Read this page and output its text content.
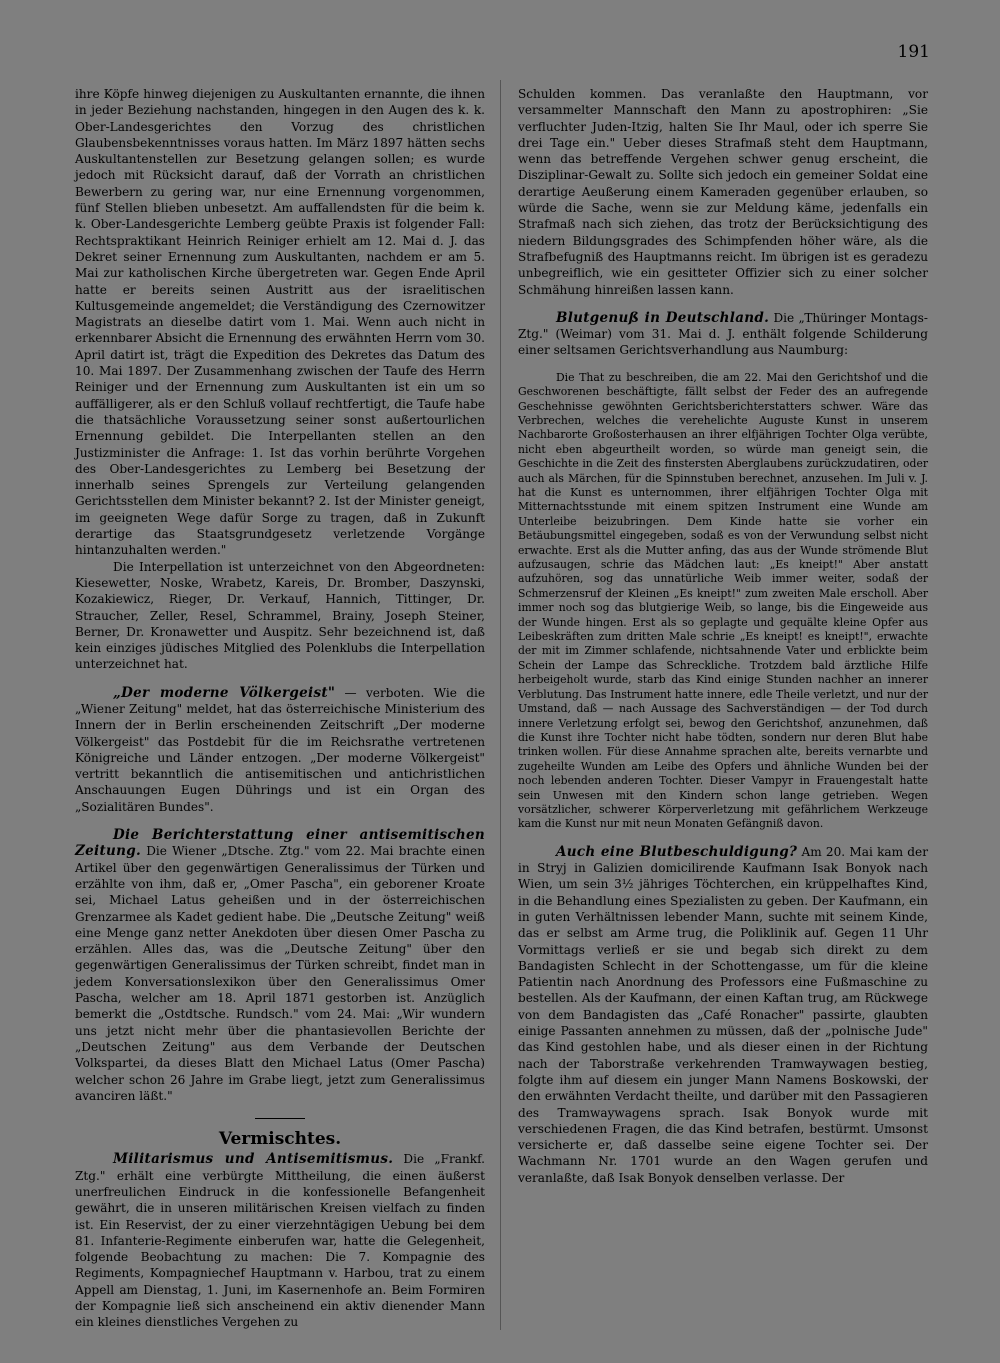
191

ihre Köpfe hinweg diejenigen zu Auskultanten ernannte, die ihnen in jeder Beziehung nachstanden, hingegen in den Augen des k. k. Ober-Landesgerichtes den Vorzug des christlichen Glaubensbekenntnisses voraus hatten. Im März 1897 hätten sechs Auskultantenstellen zur Besetzung gelangen sollen; es wurde jedoch mit Rücksicht darauf, daß der Vorrath an christlichen Bewerbern zu gering war, nur eine Ernennung vorgenommen, fünf Stellen blieben unbesetzt. Am auffallendsten für die beim k. k. Ober-Landesgerichte Lemberg geübte Praxis ist folgender Fall: Rechtspraktikant Heinrich Reiniger erhielt am 12. Mai d. J. das Dekret seiner Ernennung zum Auskultanten, nachdem er am 5. Mai zur katholischen Kirche übergetreten war. Gegen Ende April hatte er bereits seinen Austritt aus der israelitischen Kultusgemeinde angemeldet; die Verständigung des Czernowitzer Magistrats an dieselbe datirt vom 1. Mai. Wenn auch nicht in erkennbarer Absicht die Ernennung des erwähnten Herrn vom 30. April datirt ist, trägt die Expedition des Dekretes das Datum des 10. Mai 1897. Der Zusammenhang zwischen der Taufe des Herrn Reiniger und der Ernennung zum Auskultanten ist ein um so auffälligerer, als er den Schluß vollauf rechtfertigt, die Taufe habe die thatsächliche Voraussetzung seiner sonst außertourlichen Ernennung gebildet. Die Interpellanten stellen an den Justizminister die Anfrage: 1. Ist das vorhin berührte Vorgehen des Ober-Landesgerichtes zu Lemberg bei Besetzung der innerhalb seines Sprengels zur Verteilung gelangenden Gerichtsstellen dem Minister bekannt? 2. Ist der Minister geneigt, im geeigneten Wege dafür Sorge zu tragen, daß in Zukunft derartige das Staatsgrundgesetz verletzende Vorgänge hintanzuhalten werden."

Die Interpellation ist unterzeichnet von den Abgeordneten: Kiesewetter, Noske, Wrabetz, Kareis, Dr. Bromber, Daszynski, Kozakiewicz, Rieger, Dr. Verkauf, Hannich, Tittinger, Dr. Straucher, Zeller, Resel, Schrammel, Brainy, Joseph Steiner, Berner, Dr. Kronawetter und Auspitz. Sehr bezeichnend ist, daß kein einziges jüdisches Mitglied des Polenklubs die Interpellation unterzeichnet hat.

„Der moderne Völkergeist" — verboten. Wie die „Wiener Zeitung" meldet, hat das österreichische Ministerium des Innern der in Berlin erscheinenden Zeitschrift „Der moderne Völkergeist" das Postdebit für die im Reichsrathe vertretenen Königreiche und Länder entzogen. „Der moderne Völkergeist" vertritt bekanntlich die antisemitischen und antichristlichen Anschauungen Eugen Dührings und ist ein Organ des „Sozialitären Bundes".

Die Berichterstattung einer antisemitischen Zeitung. Die Wiener „Dtsche. Ztg." vom 22. Mai brachte einen Artikel über den gegenwärtigen Generalissimus der Türken und erzählte von ihm, daß er, „Omer Pascha", ein geborener Kroate sei, Michael Latus geheißen und in der österreichischen Grenzarmee als Kadet gedient habe. Die „Deutsche Zeitung" weiß eine Menge ganz netter Anekdoten über diesen Omer Pascha zu erzählen. Alles das, was die „Deutsche Zeitung" über den gegenwärtigen Generalissimus der Türken schreibt, findet man in jedem Konversationslexikon über den Generalissimus Omer Pascha, welcher am 18. April 1871 gestorben ist. Anzüglich bemerkt die „Ostdtsche. Rundsch." vom 24. Mai: „Wir wundern uns jetzt nicht mehr über die phantasievollen Berichte der „Deutschen Zeitung" aus dem Verbande der Deutschen Volkspartei, da dieses Blatt den Michael Latus (Omer Pascha) welcher schon 26 Jahre im Grabe liegt, jetzt zum Generalissimus avanciren läßt."

Vermischtes.

Militarismus und Antisemitismus. Die „Frankf. Ztg." erhält eine verbürgte Mittheilung, die einen äußerst unerfreulichen Eindruck in die konfessionelle Befangenheit gewährt, die in unseren militärischen Kreisen vielfach zu finden ist. Ein Reservist, der zu einer vierzehntägigen Uebung bei dem 81. Infanterie-Regimente einberufen war, hatte die Gelegenheit, folgende Beobachtung zu machen: Die 7. Kompagnie des Regiments, Kompagniechef Hauptmann v. Harbou, trat zu einem Appell am Dienstag, 1. Juni, im Kasernenhofe an. Beim Formiren der Kompagnie ließ sich anscheinend ein aktiv dienender Mann ein kleines dienstliches Vergehen zu

Schulden kommen. Das veranlaßte den Hauptmann, vor versammelter Mannschaft den Mann zu apostrophiren: „Sie verfluchter Juden-Itzig, halten Sie Ihr Maul, oder ich sperre Sie drei Tage ein." Ueber dieses Strafmaß steht dem Hauptmann, wenn das betreffende Vergehen schwer genug erscheint, die Disziplinar-Gewalt zu. Sollte sich jedoch ein gemeiner Soldat eine derartige Aeußerung einem Kameraden gegenüber erlauben, so würde die Sache, wenn sie zur Meldung käme, jedenfalls ein Strafmaß nach sich ziehen, das trotz der Berücksichtigung des niedern Bildungsgrades des Schimpfenden höher wäre, als die Strafbefugniß des Hauptmanns reicht. Im übrigen ist es geradezu unbegreiflich, wie ein gesitteter Offizier sich zu einer solcher Schmähung hinreißen lassen kann.

Blutgenuß in Deutschland. Die „Thüringer Montags-Ztg." (Weimar) vom 31. Mai d. J. enthält folgende Schilderung einer seltsamen Gerichtsverhandlung aus Naumburg:

Die That zu beschreiben, die am 22. Mai den Gerichtshof und die Geschworenen beschäftigte, fällt selbst der Feder des an aufregende Geschehnisse gewöhnten Gerichtsberichterstatters schwer. Wäre das Verbrechen, welches die verehelichte Auguste Kunst in unserem Nachbarorte Großosterhausen an ihrer elfjährigen Tochter Olga verübte, nicht eben abgeurtheilt worden, so würde man geneigt sein, die Geschichte in die Zeit des finstersten Aberglaubens zurückzudatiren, oder auch als Märchen, für die Spinnstuben berechnet, anzusehen. Im Juli v. J. hat die Kunst es unternommen, ihrer elfjährigen Tochter Olga mit Mitternachtsstunde mit einem spitzen Instrument eine Wunde am Unterleibe beizubringen. Dem Kinde hatte sie vorher ein Betäubungsmittel eingegeben, sodaß es von der Verwundung selbst nicht erwachte. Erst als die Mutter anfing, das aus der Wunde strömende Blut aufzusaugen, schrie das Mädchen laut: „Es kneipt!" Aber anstatt aufzuhören, sog das unnatürliche Weib immer weiter, sodaß der Schmerzensruf der Kleinen „Es kneipt!" zum zweiten Male erscholl. Aber immer noch sog das blutgierige Weib, so lange, bis die Eingeweide aus der Wunde hingen. Erst als so geplagte und gequälte kleine Opfer aus Leibeskräften zum dritten Male schrie „Es kneipt! es kneipt!", erwachte der mit im Zimmer schlafende, nichtsahnende Vater und erblickte beim Schein der Lampe das Schreckliche. Trotzdem bald ärztliche Hilfe herbeigeholt wurde, starb das Kind einige Stunden nachher an innerer Verblutung. Das Instrument hatte innere, edle Theile verletzt, und nur der Umstand, daß — nach Aussage des Sachverständigen — der Tod durch innere Verletzung erfolgt sei, bewog den Gerichtshof, anzunehmen, daß die Kunst ihre Tochter nicht habe tödten, sondern nur deren Blut habe trinken wollen. Für diese Annahme sprachen alte, bereits vernarbte und zugeheilte Wunden am Leibe des Opfers und ähnliche Wunden bei der noch lebenden anderen Tochter. Dieser Vampyr in Frauengestalt hatte sein Unwesen mit den Kindern schon lange getrieben. Wegen vorsätzlicher, schwerer Körperverletzung mit gefährlichem Werkzeuge kam die Kunst nur mit neun Monaten Gefängniß davon.

Auch eine Blutbeschuldigung? Am 20. Mai kam der in Stryj in Galizien domicilirende Kaufmann Isak Bonyok nach Wien, um sein 3½ jähriges Töchterchen, ein krüppelhaftes Kind, in die Behandlung eines Spezialisten zu geben. Der Kaufmann, ein in guten Verhältnissen lebender Mann, suchte mit seinem Kinde, das er selbst am Arme trug, die Poliklinik auf. Gegen 11 Uhr Vormittags verließ er sie und begab sich direkt zu dem Bandagisten Schlecht in der Schottengasse, um für die kleine Patientin nach Anordnung des Professors eine Fußmaschine zu bestellen. Als der Kaufmann, der einen Kaftan trug, am Rückwege von dem Bandagisten das „Café Ronacher" passirte, glaubten einige Passanten annehmen zu müssen, daß der „polnische Jude" das Kind gestohlen habe, und als dieser einen in der Richtung nach der Taborstraße verkehrenden Tramwaywagen bestieg, folgte ihm auf diesem ein junger Mann Namens Boskowski, der den erwähnten Verdacht theilte, und darüber mit den Passagieren des Tramwaywagens sprach. Isak Bonyok wurde mit verschiedenen Fragen, die das Kind betrafen, bestürmt. Umsonst versicherte er, daß dasselbe seine eigene Tochter sei. Der Wachmann Nr. 1701 wurde an den Wagen gerufen und veranlaßte, daß Isak Bonyok denselben verlasse. Der
